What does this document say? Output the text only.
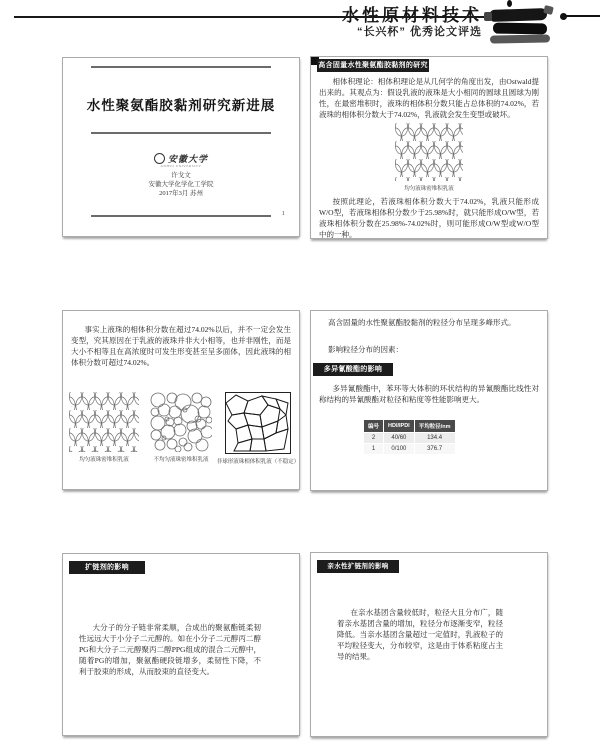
“长兴杯” 优秀论文评选
水性聚氨酯胶黏剂研究新进展
安徽大学
ANHUI UNIVERSITY
许戈文
安徽大学化学化工学院
2017年3月 苏州
1
高含固量水性聚氨酯胶黏剂的研究
相体积理论：相体积理论是从几何学的角度出发，由Ostwald提出来的。其观点为：假设乳液的液珠是大小相同的圆球且圆球为刚性，在最密堆积时，液珠的相体积分数只能占总体积的74.02%，若液珠的相体积分数大于74.02%，乳液就会发生变型或破坏。
均匀液珠密堆积乳液
按照此理论，若液珠相体积分数大于74.02%，乳液只能形成W/O型，若液珠相体积分数少于25.98%时，就只能形成O/W型，若液珠相体积分数在25.98%-74.02%时，则可能形成O/W型或W/O型中的一种。
事实上液珠的相体积分数在超过74.02%以后，并不一定会发生变型，究其原因在于乳液的液珠并非大小相等，也并非刚性，而是大小不相等且在高浓度时可发生形变甚至呈多面体，因此液珠的相体积分数可超过74.02%。
均匀液珠密堆积乳液	不均匀液珠密堆积乳液 非球形液珠相体积乳液（不稳定）
高含固量的水性聚氨酯胶黏剂的粒径分布呈现多峰形式。
影响粒径分布的因素：
多异氰酸酯的影响
多异氰酸酯中，苯环等大体积的环状结构的异氰酸酯比线性对称结构的异氰酸酯对粒径和粘度等性能影响更大。
编号	HDI/IPDI	平均粒径/nm
2	40/60	134.4
1	0/100	376.7
扩链剂的影响
大分子的分子链非常柔顺，合成出的聚氨酯链柔韧性远远大于小分子二元醇的。如在小分子二元醇丙二醇PG和大分子二元醇聚丙二醇PPG组成的混合二元醇中，随着PG的增加，聚氨酯硬段链增多，柔韧性下降，不利于胶束的形成，从而胶束的直径变大。
亲水性扩链剂的影响
在亲水基团含量较低时，粒径大且分布广，随着亲水基团含量的增加，粒径分布逐渐变窄，粒径降低。当亲水基团含量超过一定值时，乳液粒子的平均粒径变大，分布较窄，这是由于体系粘度占主导的结果。
